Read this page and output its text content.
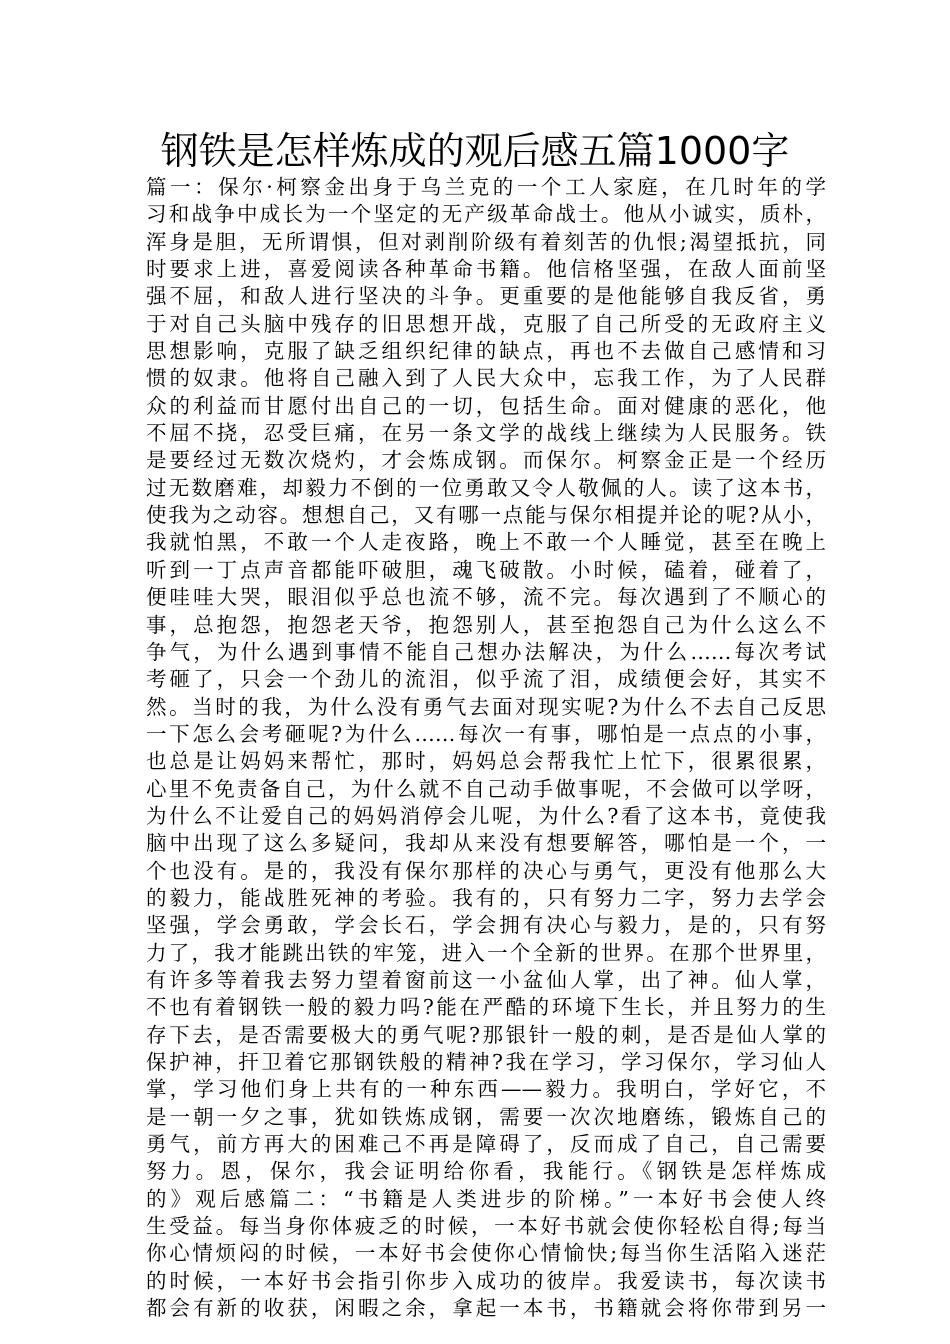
钢铁是怎样炼成的观后感五篇1000字
篇一：保尔·柯察金出身于乌兰克的一个工人家庭，在几时年的学
习和战争中成长为一个坚定的无产级革命战士。他从小诚实，质朴，
浑身是胆，无所谓惧，但对剥削阶级有着刻苦的仇恨;渴望抵抗，同
时要求上进，喜爱阅读各种革命书籍。他信格坚强，在敌人面前坚
强不屈，和敌人进行坚决的斗争。更重要的是他能够自我反省，勇
于对自己头脑中残存的旧思想开战，克服了自己所受的无政府主义
思想影响，克服了缺乏组织纪律的缺点，再也不去做自己感情和习
惯的奴隶。他将自己融入到了人民大众中，忘我工作，为了人民群
众的利益而甘愿付出自己的一切，包括生命。面对健康的恶化，他
不屈不挠，忍受巨痛，在另一条文学的战线上继续为人民服务。铁
是要经过无数次烧灼，才会炼成钢。而保尔。柯察金正是一个经历
过无数磨难，却毅力不倒的一位勇敢又令人敬佩的人。读了这本书，
使我为之动容。想想自己，又有哪一点能与保尔相提并论的呢?从小，
我就怕黑，不敢一个人走夜路，晚上不敢一个人睡觉，甚至在晚上
听到一丁点声音都能吓破胆，魂飞破散。小时候，磕着，碰着了，
便哇哇大哭，眼泪似乎总也流不够，流不完。每次遇到了不顺心的
事，总抱怨，抱怨老天爷，抱怨别人，甚至抱怨自己为什么这么不
争气，为什么遇到事情不能自己想办法解决，为什么……每次考试
考砸了，只会一个劲儿的流泪，似乎流了泪，成绩便会好，其实不
然。当时的我，为什么没有勇气去面对现实呢?为什么不去自己反思
一下怎么会考砸呢?为什么……每次一有事，哪怕是一点点的小事，
也总是让妈妈来帮忙，那时，妈妈总会帮我忙上忙下，很累很累，
心里不免责备自己，为什么就不自己动手做事呢，不会做可以学呀，
为什么不让爱自己的妈妈消停会儿呢，为什么?看了这本书，竟使我
脑中出现了这么多疑问，我却从来没有想要解答，哪怕是一个，一
个也没有。是的，我没有保尔那样的决心与勇气，更没有他那么大
的毅力，能战胜死神的考验。我有的，只有努力二字，努力去学会
坚强，学会勇敢，学会长石，学会拥有决心与毅力，是的，只有努
力了，我才能跳出铁的牢笼，进入一个全新的世界。在那个世界里，
有许多等着我去努力望着窗前这一小盆仙人掌，出了神。仙人掌，
不也有着钢铁一般的毅力吗?能在严酷的环境下生长，并且努力的生
存下去，是否需要极大的勇气呢?那银针一般的刺，是否是仙人掌的
保护神，扞卫着它那钢铁般的精神?我在学习，学习保尔，学习仙人
掌，学习他们身上共有的一种东西——毅力。我明白，学好它，不
是一朝一夕之事，犹如铁炼成钢，需要一次次地磨练，锻炼自己的
勇气，前方再大的困难己不再是障碍了，反而成了自己，自己需要
努力。恩，保尔，我会证明给你看，我能行。《钢铁是怎样炼成
的》观后感篇二：“书籍是人类进步的阶梯。”一本好书会使人终
生受益。每当身你体疲乏的时候，一本好书就会使你轻松自得;每当
你心情烦闷的时候，一本好书会使你心情愉快;每当你生活陷入迷茫
的时候，一本好书会指引你步入成功的彼岸。我爱读书，每次读书
都会有新的收获，闲暇之余，拿起一本书，书籍就会将你带到另一
